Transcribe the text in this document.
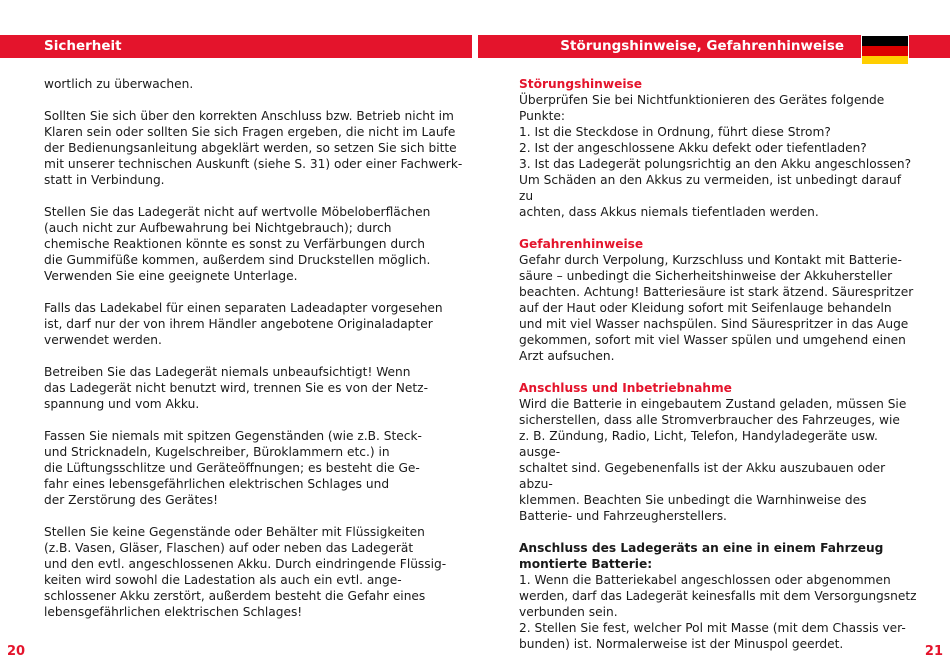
Sicherheit	Störungshinweise, Gefahrenhinweise

wortlich zu überwachen.

Sollten Sie sich über den korrekten Anschluss bzw. Betrieb nicht im
Klaren sein oder sollten Sie sich Fragen ergeben, die nicht im Laufe
der Bedienungsanleitung abgeklärt werden, so setzen Sie sich bitte
mit unserer technischen Auskunft (siehe S. 31) oder einer Fachwerk-
statt in Verbindung.

Stellen Sie das Ladegerät nicht auf wertvolle Möbeloberflächen
(auch nicht zur Aufbewahrung bei Nichtgebrauch); durch
chemische Reaktionen könnte es sonst zu Verfärbungen durch
die Gummifüße kommen, außerdem sind Druckstellen möglich.
Verwenden Sie eine geeignete Unterlage.

Falls das Ladekabel für einen separaten Ladeadapter vorgesehen
ist, darf nur der von ihrem Händler angebotene Originaladapter
verwendet werden.

Betreiben Sie das Ladegerät niemals unbeaufsichtigt! Wenn
das Ladegerät nicht benutzt wird, trennen Sie es von der Netz-
spannung und vom Akku.

Fassen Sie niemals mit spitzen Gegenständen (wie z.B. Steck-
und Stricknadeln, Kugelschreiber, Büroklammern etc.) in
die Lüftungsschlitze und Geräteöffnungen; es besteht die Ge-
fahr eines lebensgefährlichen elektrischen Schlages und
der Zerstörung des Gerätes!

Stellen Sie keine Gegenstände oder Behälter mit Flüssigkeiten
(z.B. Vasen, Gläser, Flaschen) auf oder neben das Ladegerät
und den evtl. angeschlossenen Akku. Durch eindringende Flüssig-
keiten wird sowohl die Ladestation als auch ein evtl. ange-
schlossener Akku zerstört, außerdem besteht die Gefahr eines
lebensgefährlichen elektrischen Schlages!

Störungshinweise
Überprüfen Sie bei Nichtfunktionieren des Gerätes folgende
Punkte:
1. Ist die Steckdose in Ordnung, führt diese Strom?
2. Ist der angeschlossene Akku defekt oder tiefentladen?
3. Ist das Ladegerät polungsrichtig an den Akku angeschlossen?
Um Schäden an den Akkus zu vermeiden, ist unbedingt darauf zu
achten, dass Akkus niemals tiefentladen werden.
Gefahrenhinweise
Gefahr durch Verpolung, Kurzschluss und Kontakt mit Batterie-
säure – unbedingt die Sicherheitshinweise der Akkuhersteller
beachten. Achtung! Batteriesäure ist stark ätzend. Säurespritzer
auf der Haut oder Kleidung sofort mit Seifenlauge behandeln
und mit viel Wasser nachspülen. Sind Säurespritzer in das Auge
gekommen, sofort mit viel Wasser spülen und umgehend einen
Arzt aufsuchen.
Anschluss und Inbetriebnahme
Wird die Batterie in eingebautem Zustand geladen, müssen Sie
sicherstellen, dass alle Stromverbraucher des Fahrzeuges, wie
z. B. Zündung, Radio, Licht, Telefon, Handyladegeräte usw. ausge-
schaltet sind. Gegebenenfalls ist der Akku auszubauen oder abzu-
klemmen. Beachten Sie unbedingt die Warnhinweise des
Batterie- und Fahrzeugherstellers.
Anschluss des Ladegeräts an eine in einem Fahrzeug
montierte Batterie:
1. Wenn die Batteriekabel angeschlossen oder abgenommen
werden, darf das Ladegerät keinesfalls mit dem Versorgungsnetz
verbunden sein.
2. Stellen Sie fest, welcher Pol mit Masse (mit dem Chassis ver-
bunden) ist. Normalerweise ist der Minuspol geerdet.
20	21
